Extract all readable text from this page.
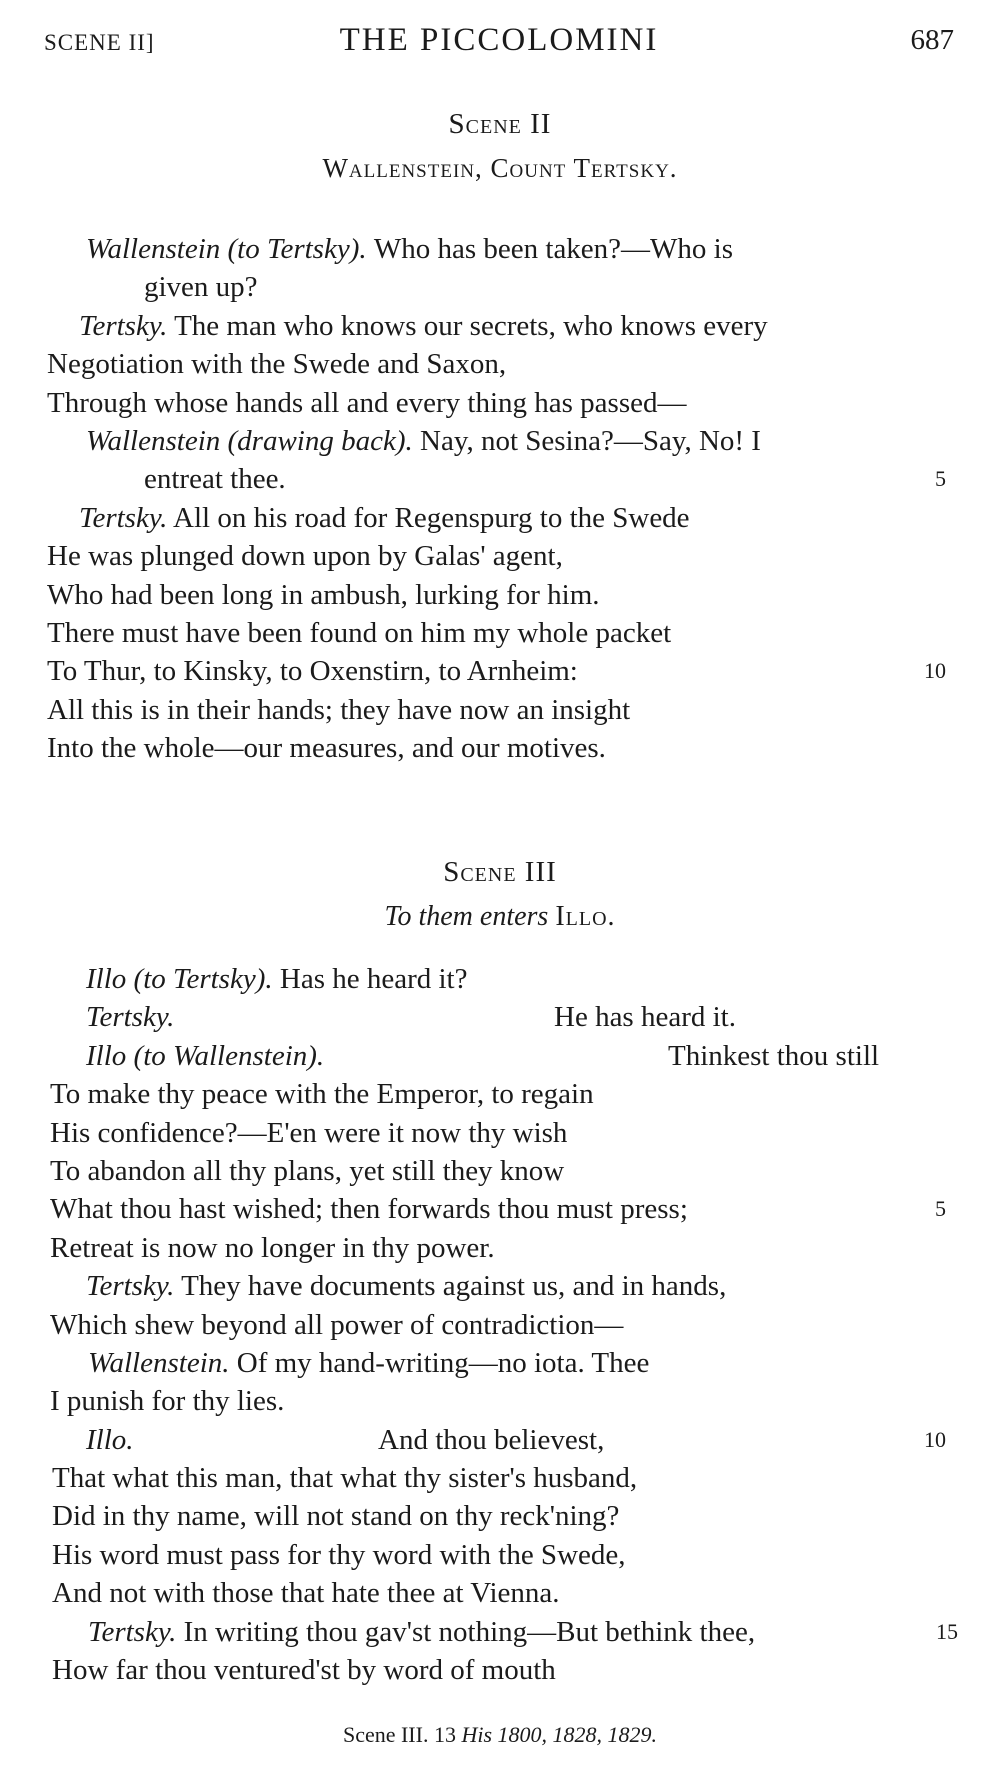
SCENE II]	THE PICCOLOMINI	687
Scene II
Wallenstein, Count Tertsky.
Wallenstein (to Tertsky). Who has been taken?—Who is
given up?
Tertsky. The man who knows our secrets, who knows every
Negotiation with the Swede and Saxon,
Through whose hands all and every thing has passed—
Wallenstein (drawing back). Nay, not Sesina?—Say, No! I
entreat thee.	5
Tertsky. All on his road for Regenspurg to the Swede
He was plunged down upon by Galas' agent,
Who had been long in ambush, lurking for him.
There must have been found on him my whole packet
To Thur, to Kinsky, to Oxenstirn, to Arnheim:	10
All this is in their hands; they have now an insight
Into the whole—our measures, and our motives.
Scene III
To them enters Illo.
Illo (to Tertsky). Has he heard it?
Tertsky.	He has heard it.
Illo (to Wallenstein).	Thinkest thou still
To make thy peace with the Emperor, to regain
His confidence?—E'en were it now thy wish
To abandon all thy plans, yet still they know
What thou hast wished; then forwards thou must press;	5
Retreat is now no longer in thy power.
Tertsky. They have documents against us, and in hands,
Which shew beyond all power of contradiction—
Wallenstein. Of my hand-writing—no iota. Thee
I punish for thy lies.
Illo.	And thou believest,	10
That what this man, that what thy sister's husband,
Did in thy name, will not stand on thy reck'ning?
His word must pass for thy word with the Swede,
And not with those that hate thee at Vienna.
Tertsky. In writing thou gav'st nothing—But bethink thee,	15
How far thou ventured'st by word of mouth
Scene III. 13 His 1800, 1828, 1829.
